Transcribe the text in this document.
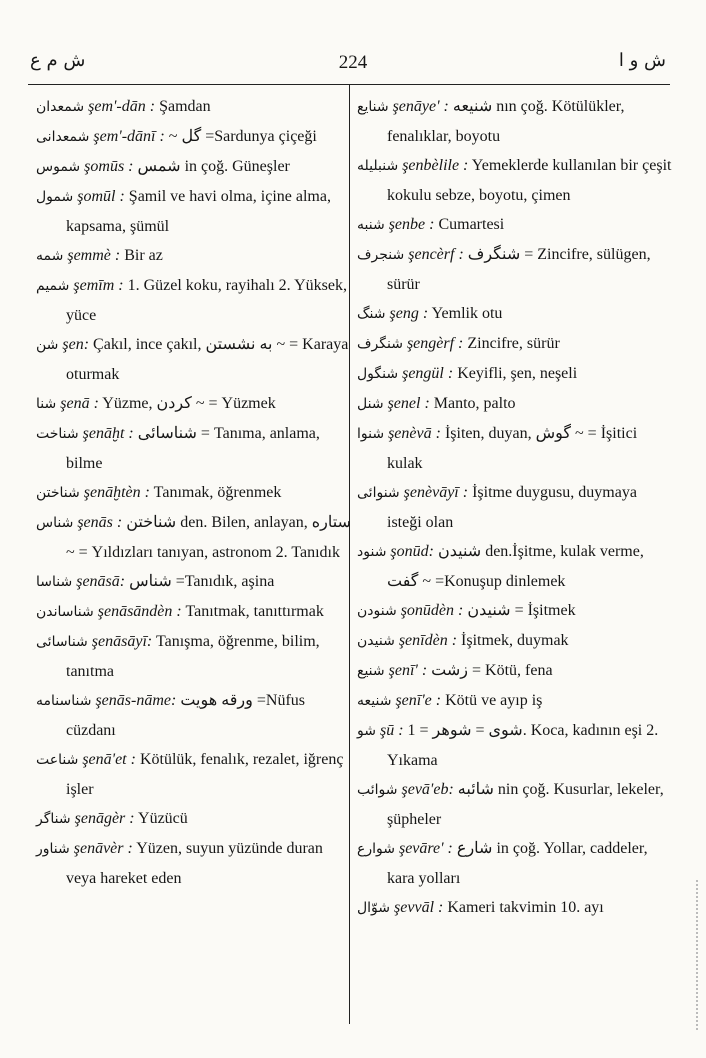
ش م ع	224	ش و ا

شمعدان şem'-dān : Şamdan

شمعدانى şem'-dānī : ~ گل =Sardunya çiçeği

شموس şomūs : شمس in çoğ. Güneşler

شمول şomūl : Şamil ve havi olma, içine alma, kapsama, şümül

شمه şemmè : Bir az

شميم şemīm : 1. Güzel koku, rayihalı 2. Yüksek, yüce

شن şen: Çakıl, ince çakıl, به نشستن ~ = Karaya oturmak

شنا şenā : Yüzme, كردن ~ = Yüzmek

شناخت şenāḫt : شناسائى = Tanıma, anlama, bilme

شناختن şenāḫtèn : Tanımak, öğrenmek

شناس şenās : شناختن den. Bilen, anlayan, ستاره ~ = Yıldızları tanıyan, astronom 2. Tanıdık

شناسا şenāsā: شناس =Tanıdık, aşina

شناساندن şenāsāndèn : Tanıtmak, tanıttırmak

شناسائى şenāsāyī: Tanışma, öğrenme, bilim, tanıtma

شناسنامه şenās-nāme: ورقه هويت =Nüfus cüzdanı

شناعت şenā'et : Kötülük, fenalık, rezalet, iğrenç işler

شناگر şenāgèr : Yüzücü

شناور şenāvèr : Yüzen, suyun yüzünde duran veya hareket eden

شنايع şenāye' : شنيعه nın çoğ. Kötülükler, fenalıklar, boyotu

شنبليله şenbèlile : Yemeklerde kullanılan bir çeşit kokulu sebze, boyotu, çimen

شنبه şenbe : Cumartesi

شنجرف şencèrf : شنگرف = Zincifre, sülügen, sürür

شنگ şeng : Yemlik otu

شنگرف şengèrf : Zincifre, sürür

شنگول şengül : Keyifli, şen, neşeli

شنل şenel : Manto, palto

شنوا şenèvā : İşiten, duyan, گوش ~ = İşitici kulak

شنوائى şenèvāyī : İşitme duygusu, duymaya isteği olan

شنود şonūd: شنيدن den.İşitme, kulak verme, گفت ~ =Konuşup dinlemek

شنودن şonūdèn : شنيدن = İşitmek

شنيدن şenīdèn : İşitmek, duymak

شنيع şenī' : زشت = Kötü, fena

شنيعه şenī'e : Kötü ve ayıp iş

شو şū : شوى = شوهر = 1. Koca, kadının eşi 2. Yıkama

شوائب şevā'eb: شائبه nin çoğ. Kusurlar, lekeler, şüpheler

شوارع şevāre' : شارع in çoğ. Yollar, caddeler, kara yolları

شوّال şevvāl : Kameri takvimin 10. ayı
